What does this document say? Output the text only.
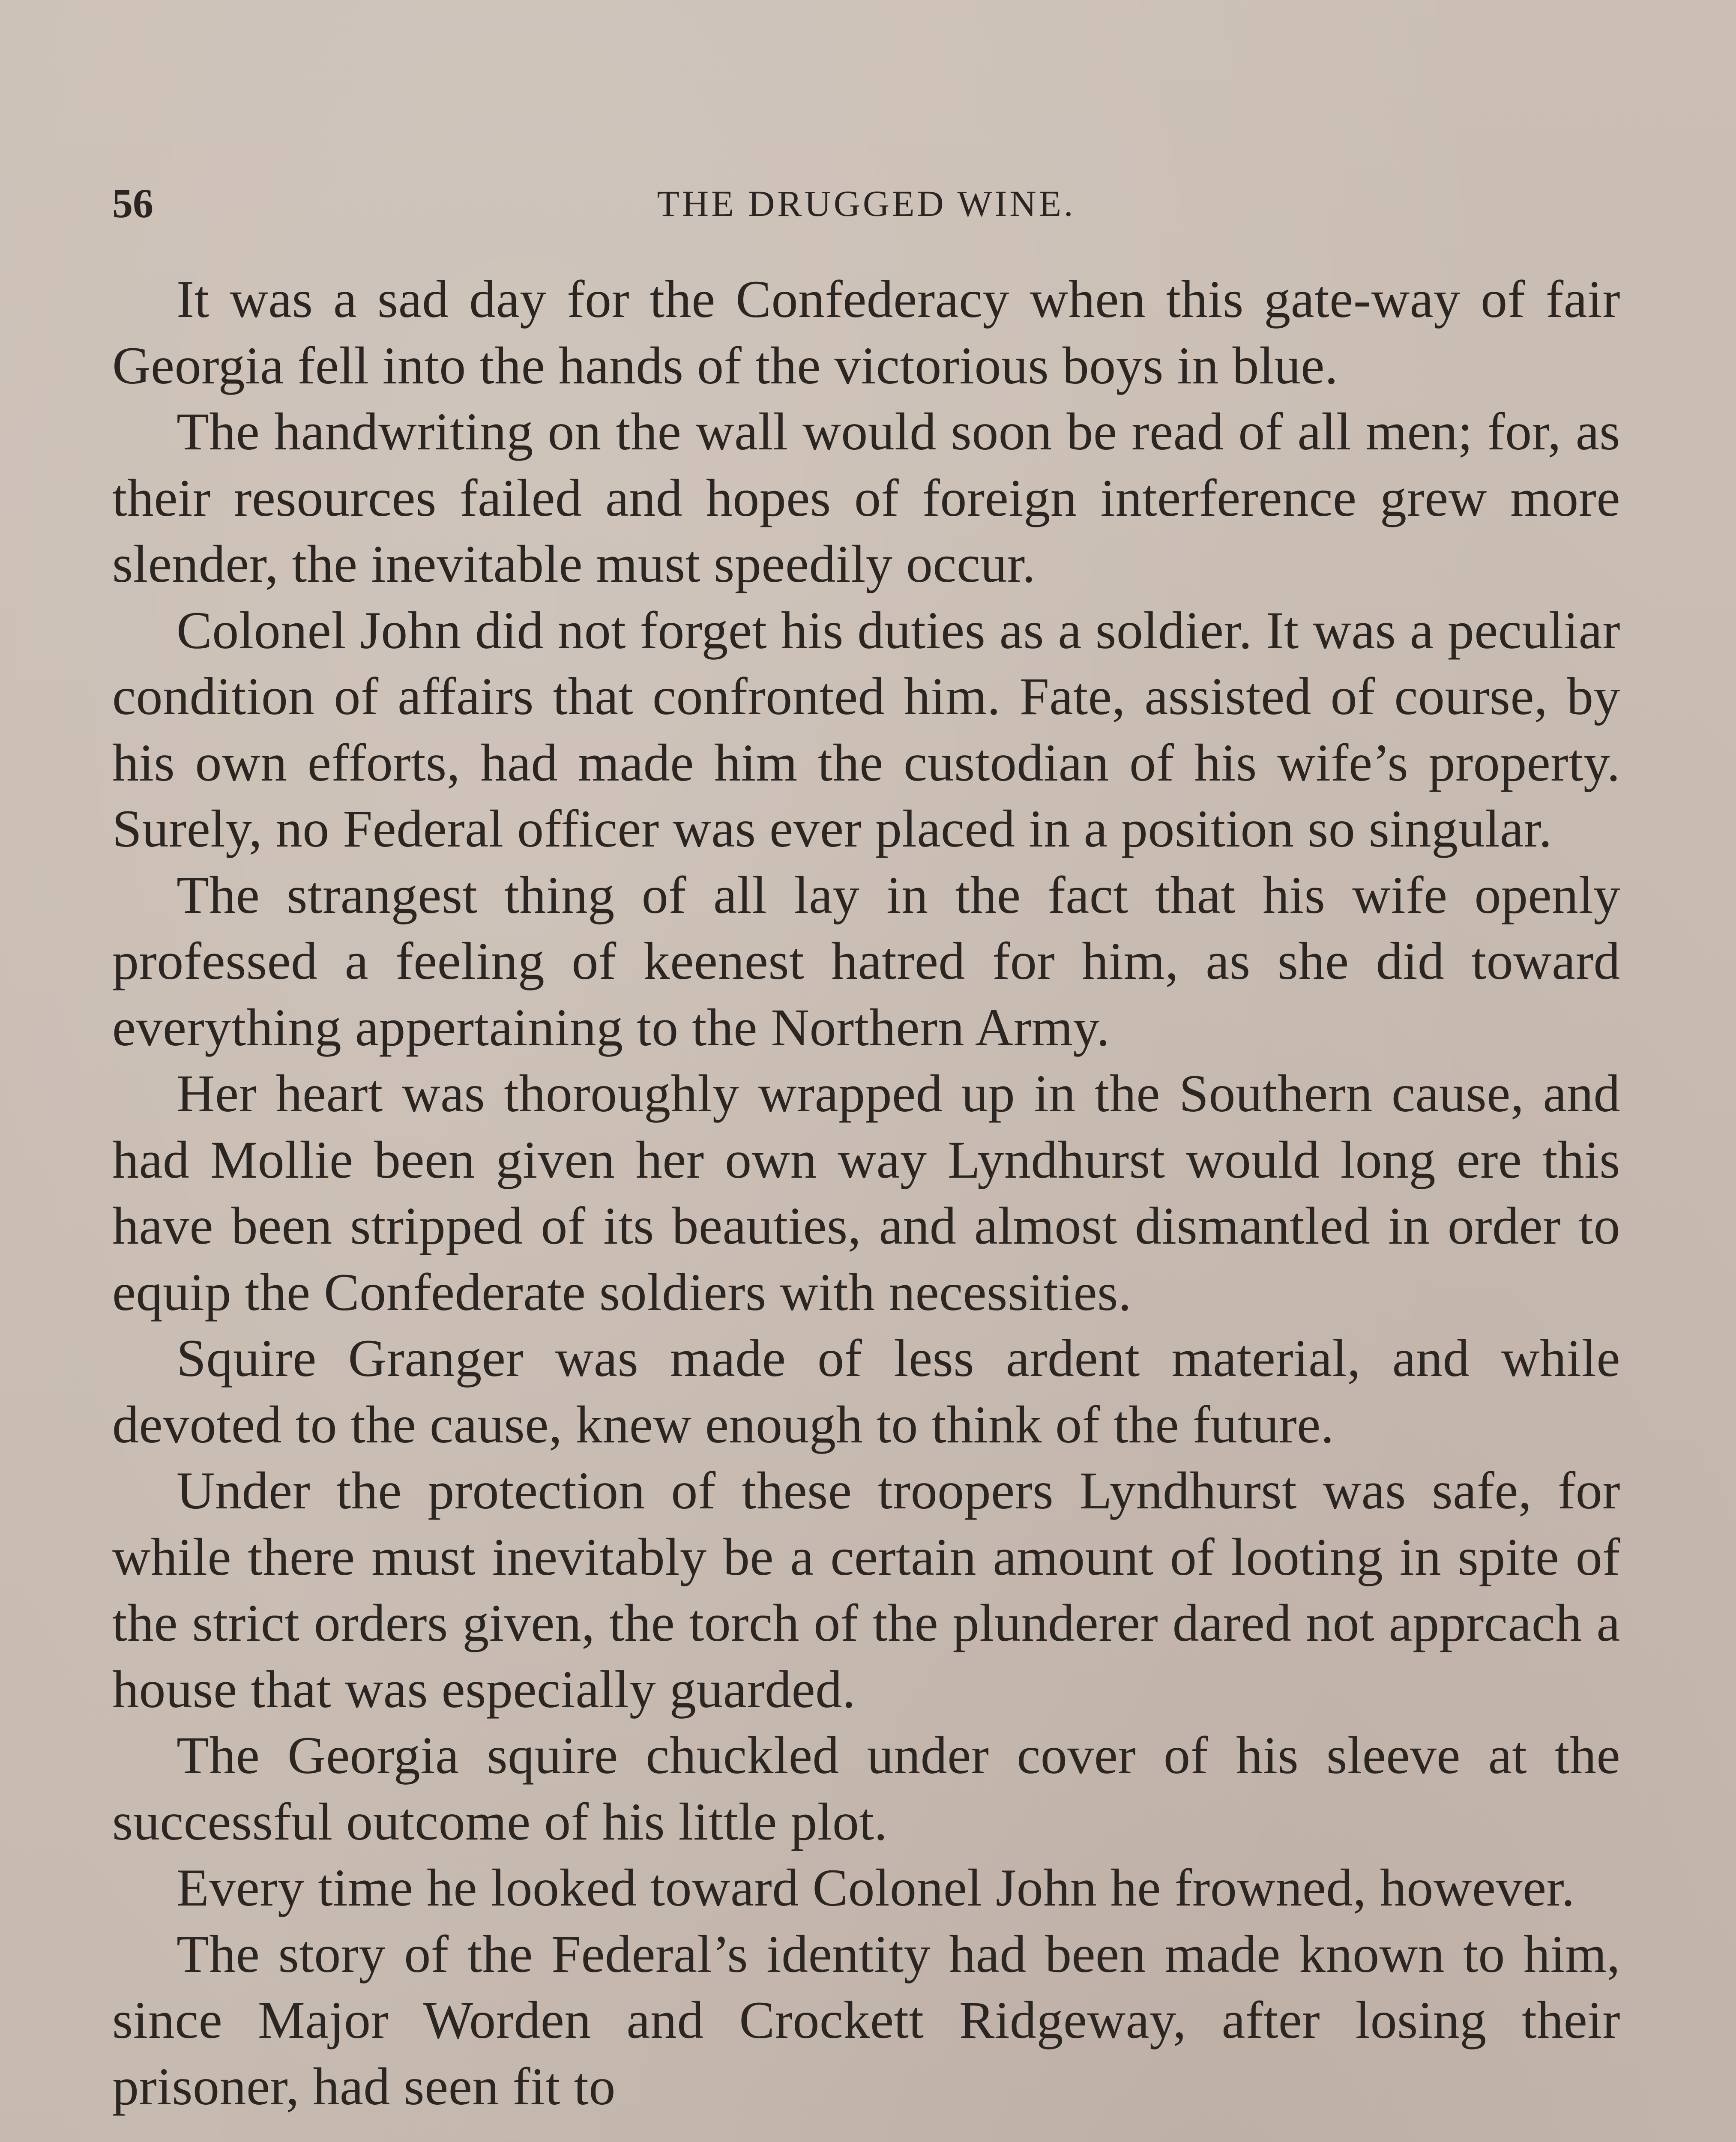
56	THE DRUGGED WINE.

It was a sad day for the Confederacy when this gate-way of fair Georgia fell into the hands of the victorious boys in blue.

The handwriting on the wall would soon be read of all men; for, as their resources failed and hopes of foreign interference grew more slender, the inevitable must speedily occur.

Colonel John did not forget his duties as a soldier. It was a peculiar condition of affairs that confronted him. Fate, assisted of course, by his own efforts, had made him the custodian of his wife’s property. Surely, no Federal officer was ever placed in a position so singular.

The strangest thing of all lay in the fact that his wife openly professed a feeling of keenest hatred for him, as she did toward everything appertaining to the Northern Army.

Her heart was thoroughly wrapped up in the Southern cause, and had Mollie been given her own way Lyndhurst would long ere this have been stripped of its beauties, and almost dismantled in order to equip the Confederate soldiers with necessities.

Squire Granger was made of less ardent material, and while devoted to the cause, knew enough to think of the future.

Under the protection of these troopers Lyndhurst was safe, for while there must inevitably be a certain amount of looting in spite of the strict orders given, the torch of the plunderer dared not apprcach a house that was especially guarded.

The Georgia squire chuckled under cover of his sleeve at the successful outcome of his little plot.

Every time he looked toward Colonel John he frowned, however.

The story of the Federal’s identity had been made known to him, since Major Worden and Crockett Ridgeway, after losing their prisoner, had seen fit to
